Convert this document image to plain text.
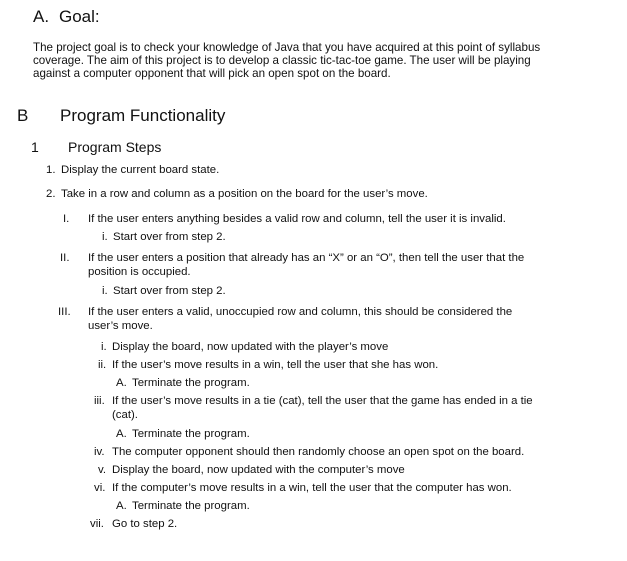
A. Goal:
The project goal is to check your knowledge of Java that you have acquired at this point of syllabus
coverage. The aim of this project is to develop a classic tic-tac-toe game. The user will be playing
against a computer opponent that will pick an open spot on the board.
B Program Functionality
1 Program Steps
1. Display the current board state.
2. Take in a row and column as a position on the board for the user’s move.
I. If the user enters anything besides a valid row and column, tell the user it is invalid.
i. Start over from step 2.
II. If the user enters a position that already has an “X” or an “O”, then tell the user that the
position is occupied.
i. Start over from step 2.
III. If the user enters a valid, unoccupied row and column, this should be considered the
user’s move.
i. Display the board, now updated with the player’s move
ii. If the user’s move results in a win, tell the user that she has won.
A. Terminate the program.
iii. If the user’s move results in a tie (cat), tell the user that the game has ended in a tie
(cat).
A. Terminate the program.
iv. The computer opponent should then randomly choose an open spot on the board.
v. Display the board, now updated with the computer’s move
vi. If the computer’s move results in a win, tell the user that the computer has won.
A. Terminate the program.
vii. Go to step 2.
